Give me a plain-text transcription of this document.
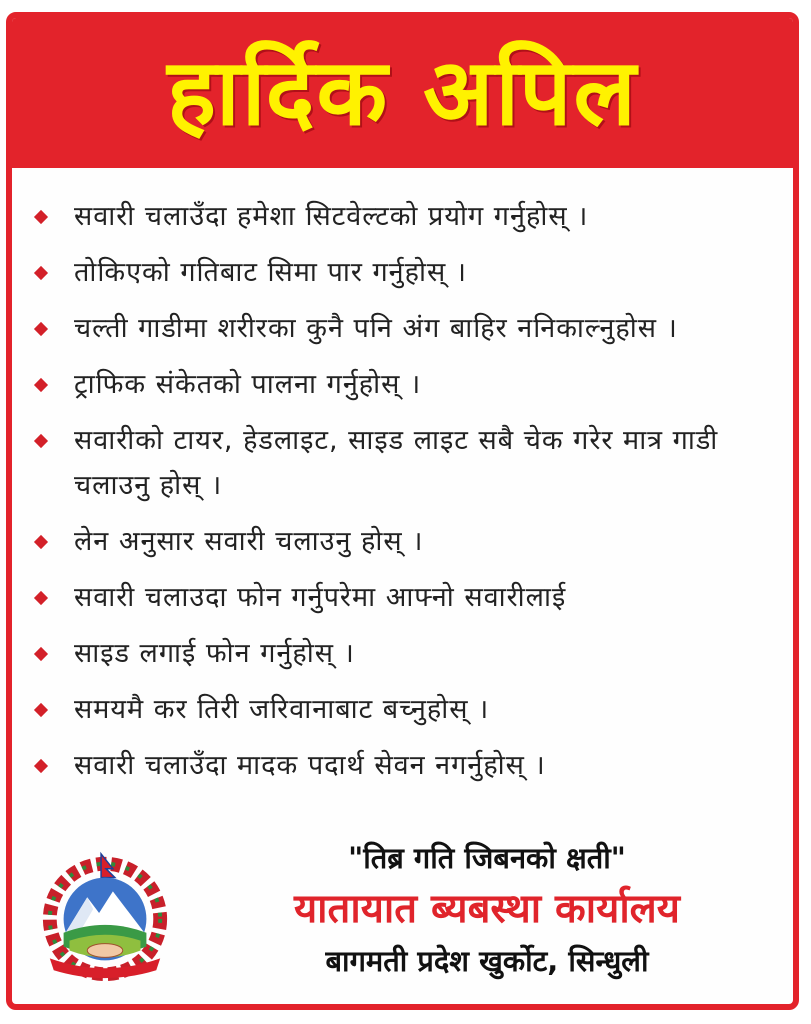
हार्दिक अपिल
सवारी चलाउँदा हमेशा सिटवेल्टको प्रयोग गर्नुहोस् ।
तोकिएको गतिबाट सिमा पार गर्नुहोस् ।
चल्ती गाडीमा शरीरका कुनै पनि अंग बाहिर ननिकाल्नुहोस ।
ट्राफिक संकेतको पालना गर्नुहोस् ।
सवारीको टायर, हेडलाइट, साइड लाइट सबै चेक गरेर मात्र गाडी चलाउनु होस् ।
लेन अनुसार सवारी चलाउनु होस् ।
सवारी चलाउदा फोन गर्नुपरेमा आफ्नो सवारीलाई
साइड लगाई फोन गर्नुहोस् ।
समयमै कर तिरी जरिवानाबाट बच्नुहोस् ।
सवारी चलाउँदा मादक पदार्थ सेवन नगर्नुहोस् ।
"तिब्र गति जिबनको क्षती"
यातायात ब्यबस्था कार्यालय
बागमती प्रदेश खुर्कोट, सिन्धुली
